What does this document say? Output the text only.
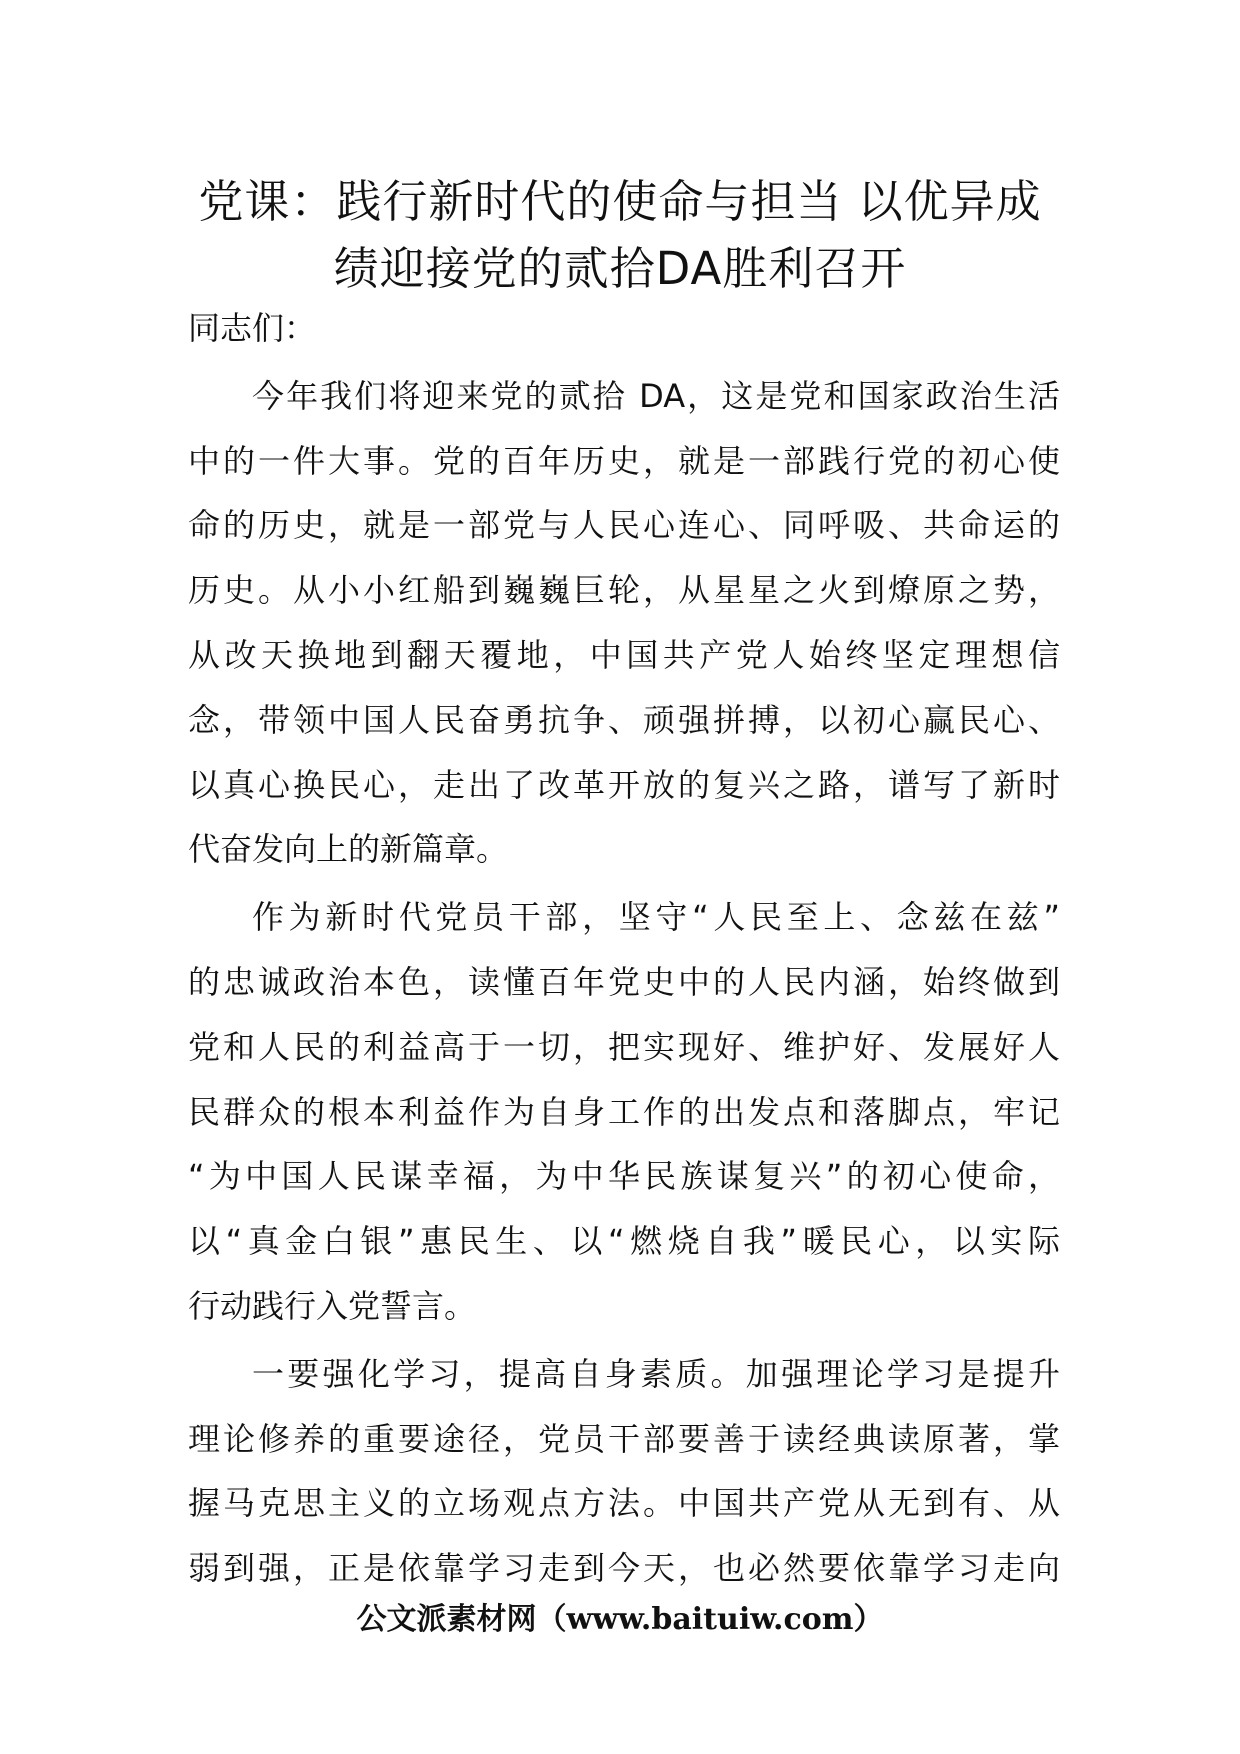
党课：践行新时代的使命与担当 以优异成
绩迎接党的贰拾DA胜利召开
同志们：
今年我们将迎来党的贰拾 DA，这是党和国家政治生活
中的一件大事。党的百年历史，就是一部践行党的初心使
命的历史，就是一部党与人民心连心、同呼吸、共命运的
历史。从小小红船到巍巍巨轮，从星星之火到燎原之势，
从改天换地到翻天覆地，中国共产党人始终坚定理想信
念，带领中国人民奋勇抗争、顽强拼搏，以初心赢民心、
以真心换民心，走出了改革开放的复兴之路，谱写了新时
代奋发向上的新篇章。
作为新时代党员干部，坚守“人民至上、念兹在兹”
的忠诚政治本色，读懂百年党史中的人民内涵，始终做到
党和人民的利益高于一切，把实现好、维护好、发展好人
民群众的根本利益作为自身工作的出发点和落脚点，牢记
“为中国人民谋幸福，为中华民族谋复兴”的初心使命，
以“真金白银”惠民生、以“燃烧自我”暖民心，以实际
行动践行入党誓言。
一要强化学习，提高自身素质。加强理论学习是提升
理论修养的重要途径，党员干部要善于读经典读原著，掌
握马克思主义的立场观点方法。中国共产党从无到有、从
弱到强，正是依靠学习走到今天，也必然要依靠学习走向
公文派素材网（www.baituiw.com）
